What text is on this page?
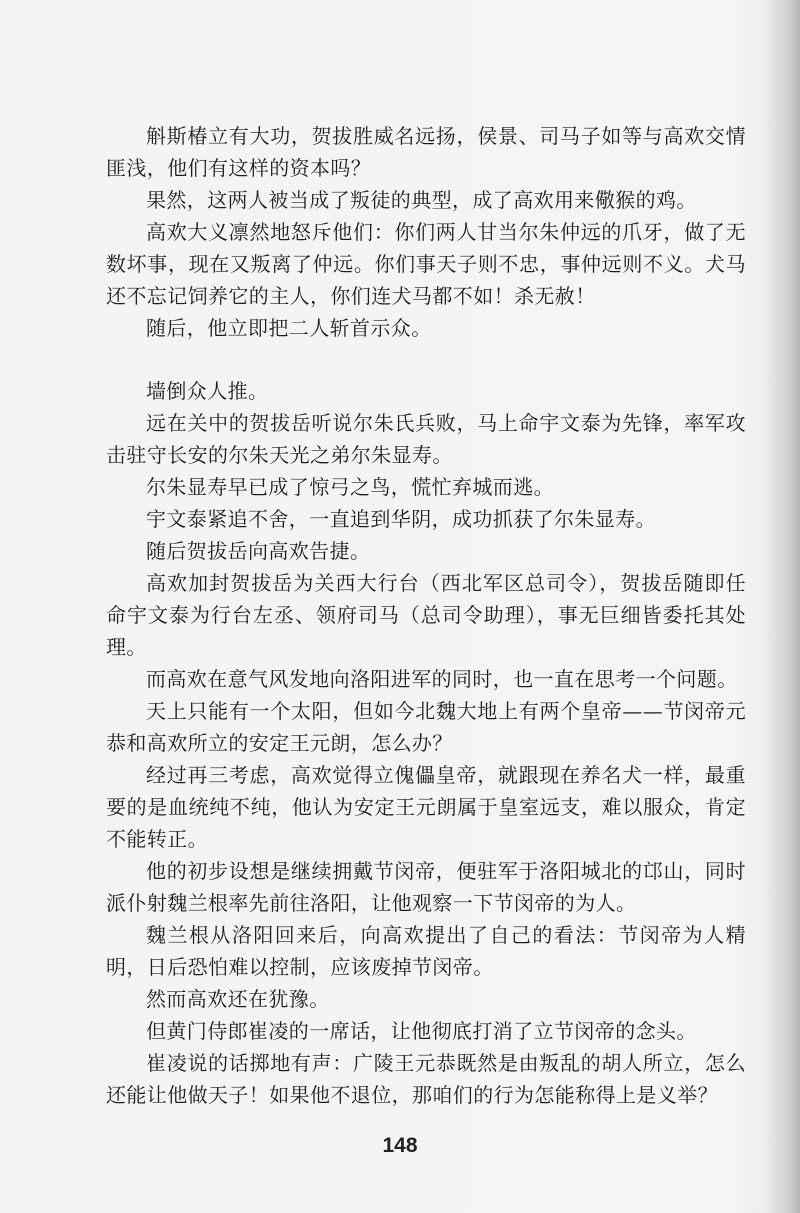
斛斯椿立有大功，贺拔胜威名远扬，侯景、司马子如等与高欢交情匪浅，他们有这样的资本吗？

果然，这两人被当成了叛徒的典型，成了高欢用来儆猴的鸡。

高欢大义凛然地怒斥他们：你们两人甘当尔朱仲远的爪牙，做了无数坏事，现在又叛离了仲远。你们事天子则不忠，事仲远则不义。犬马还不忘记饲养它的主人，你们连犬马都不如！杀无赦！

随后，他立即把二人斩首示众。

墙倒众人推。

远在关中的贺拔岳听说尔朱氏兵败，马上命宇文泰为先锋，率军攻击驻守长安的尔朱天光之弟尔朱显寿。

尔朱显寿早已成了惊弓之鸟，慌忙弃城而逃。

宇文泰紧追不舍，一直追到华阴，成功抓获了尔朱显寿。

随后贺拔岳向高欢告捷。

高欢加封贺拔岳为关西大行台（西北军区总司令），贺拔岳随即任命宇文泰为行台左丞、领府司马（总司令助理），事无巨细皆委托其处理。

而高欢在意气风发地向洛阳进军的同时，也一直在思考一个问题。

天上只能有一个太阳，但如今北魏大地上有两个皇帝——节闵帝元恭和高欢所立的安定王元朗，怎么办？

经过再三考虑，高欢觉得立傀儡皇帝，就跟现在养名犬一样，最重要的是血统纯不纯，他认为安定王元朗属于皇室远支，难以服众，肯定不能转正。

他的初步设想是继续拥戴节闵帝，便驻军于洛阳城北的邙山，同时派仆射魏兰根率先前往洛阳，让他观察一下节闵帝的为人。

魏兰根从洛阳回来后，向高欢提出了自己的看法：节闵帝为人精明，日后恐怕难以控制，应该废掉节闵帝。

然而高欢还在犹豫。

但黄门侍郎崔凌的一席话，让他彻底打消了立节闵帝的念头。

崔凌说的话掷地有声：广陵王元恭既然是由叛乱的胡人所立，怎么还能让他做天子！如果他不退位，那咱们的行为怎能称得上是义举？

148
